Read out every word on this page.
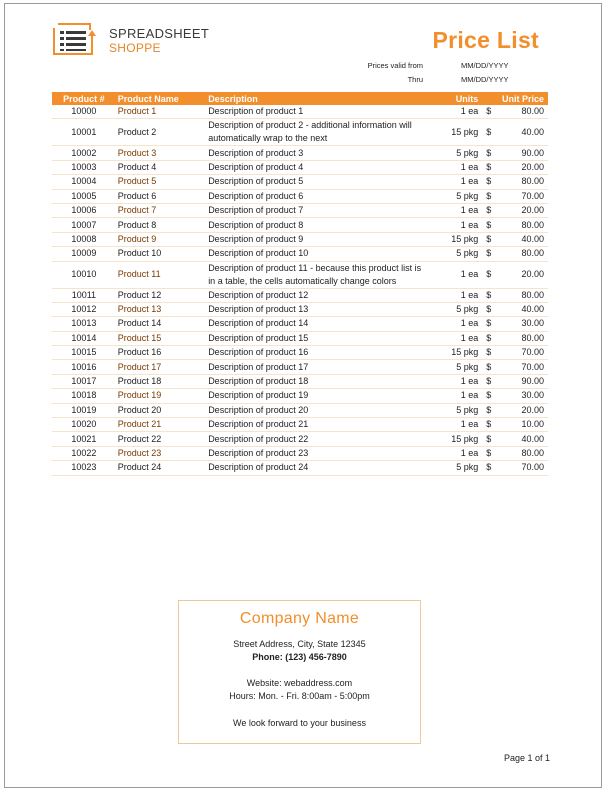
SPREADSHEET
SHOPPE	Price List
Prices valid from	MM/DD/YYYY
Thru	MM/DD/YYYY
Product #	Product Name	Description	Units	Unit Price	
10000	Product 1	Description of product 1	1 ea	$	80.00
10001	Product 2	Description of product 2 - additional information will automatically wrap to the next	15 pkg	$	40.00
10002	Product 3	Description of product 3	5 pkg	$	90.00
10003	Product 4	Description of product 4	1 ea	$	20.00
10004	Product 5	Description of product 5	1 ea	$	80.00
10005	Product 6	Description of product 6	5 pkg	$	70.00
10006	Product 7	Description of product 7	1 ea	$	20.00
10007	Product 8	Description of product 8	1 ea	$	80.00
10008	Product 9	Description of product 9	15 pkg	$	40.00
10009	Product 10	Description of product 10	5 pkg	$	80.00
10010	Product 11	Description of product 11 - because this product list is in a table, the cells automatically change colors	1 ea	$	20.00
10011	Product 12	Description of product 12	1 ea	$	80.00
10012	Product 13	Description of product 13	5 pkg	$	40.00
10013	Product 14	Description of product 14	1 ea	$	30.00
10014	Product 15	Description of product 15	1 ea	$	80.00
10015	Product 16	Description of product 16	15 pkg	$	70.00
10016	Product 17	Description of product 17	5 pkg	$	70.00
10017	Product 18	Description of product 18	1 ea	$	90.00
10018	Product 19	Description of product 19	1 ea	$	30.00
10019	Product 20	Description of product 20	5 pkg	$	20.00
10020	Product 21	Description of product 21	1 ea	$	10.00
10021	Product 22	Description of product 22	15 pkg	$	40.00
10022	Product 23	Description of product 23	1 ea	$	80.00
10023	Product 24	Description of product 24	5 pkg	$	70.00
Company Name
Street Address, City, State 12345
Phone: (123) 456-7890
Website: webaddress.com
Hours: Mon. - Fri. 8:00am - 5:00pm
We look forward to your business
Page 1 of 1
